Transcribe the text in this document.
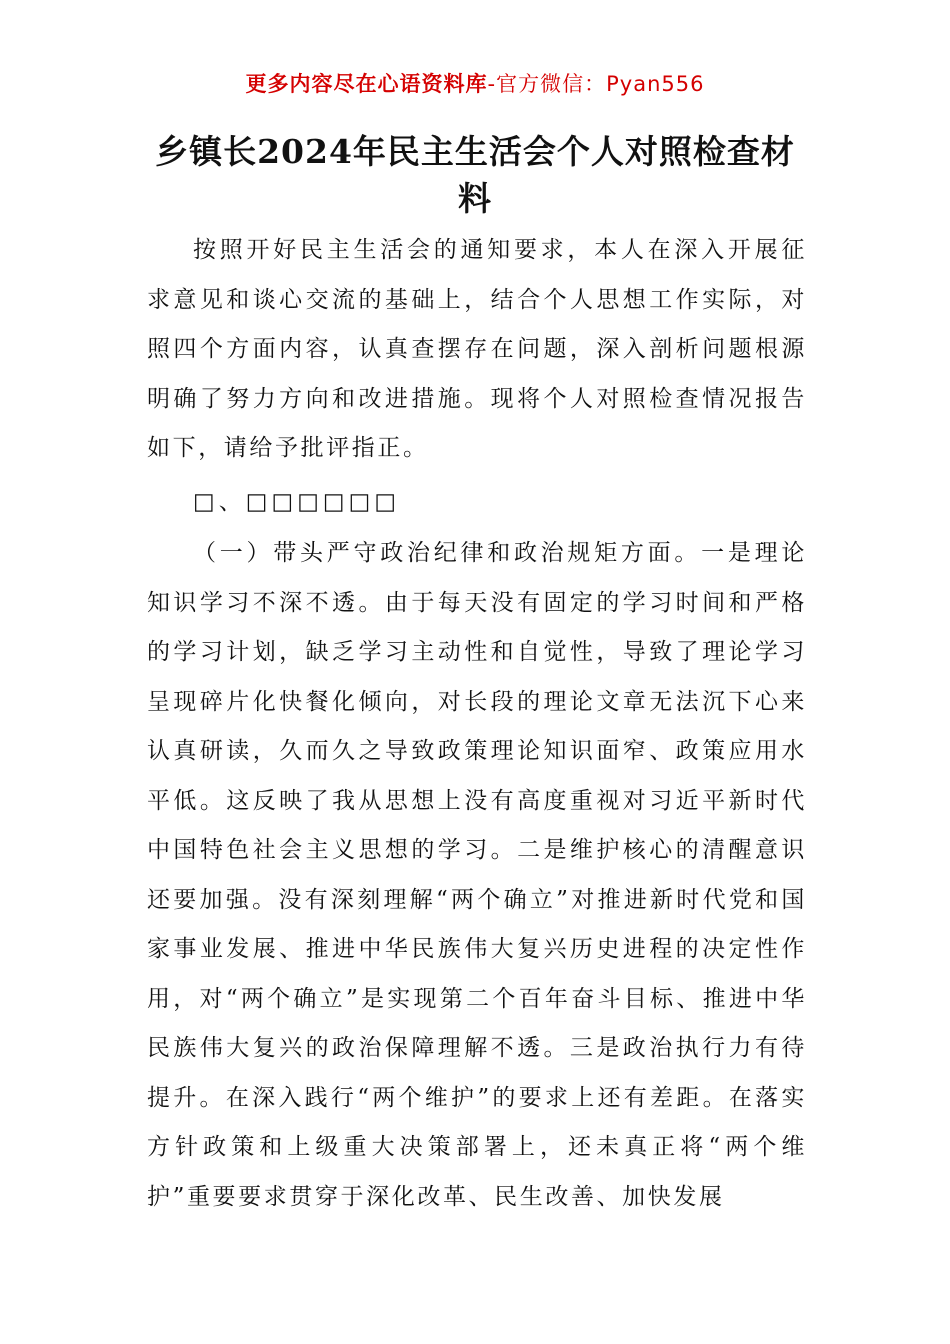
更多内容尽在心语资料库-官方微信：Pyan556
乡镇长2024年民主生活会个人对照检查材料

按照开好民主生活会的通知要求，本人在深入开展征求意见和谈心交流的基础上，结合个人思想工作实际，对照四个方面内容，认真查摆存在问题，深入剖析问题根源明确了努力方向和改进措施。现将个人对照检查情况报告如下，请给予批评指正。

□、□□□□□□

（一）带头严守政治纪律和政治规矩方面。一是理论知识学习不深不透。由于每天没有固定的学习时间和严格的学习计划，缺乏学习主动性和自觉性，导致了理论学习呈现碎片化快餐化倾向，对长段的理论文章无法沉下心来认真研读，久而久之导致政策理论知识面窄、政策应用水平低。这反映了我从思想上没有高度重视对习近平新时代中国特色社会主义思想的学习。二是维护核心的清醒意识还要加强。没有深刻理解“两个确立”对推进新时代党和国家事业发展、推进中华民族伟大复兴历史进程的决定性作用，对“两个确立”是实现第二个百年奋斗目标、推进中华民族伟大复兴的政治保障理解不透。三是政治执行力有待提升。在深入践行“两个维护”的要求上还有差距。在落实方针政策和上级重大决策部署上，还未真正将“两个维护”重要要求贯穿于深化改革、民生改善、加快发展
